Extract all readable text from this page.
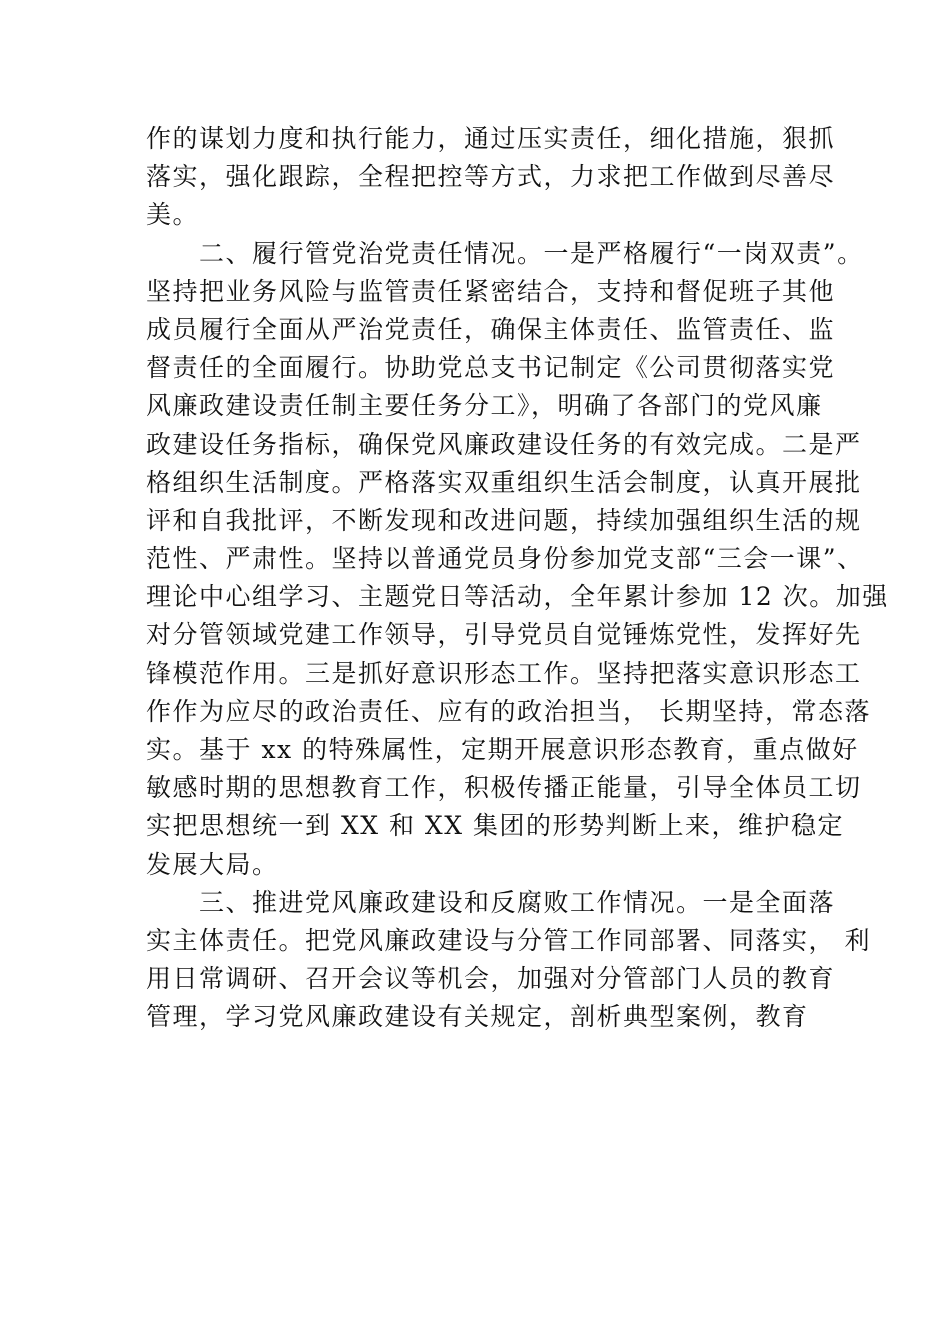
作的谋划力度和执行能力，通过压实责任，细化措施，狠抓
落实，强化跟踪，全程把控等方式，力求把工作做到尽善尽
美。
　　二、履行管党治党责任情况。一是严格履行“一岗双责”。
坚持把业务风险与监管责任紧密结合，支持和督促班子其他
成员履行全面从严治党责任，确保主体责任、监管责任、监
督责任的全面履行。协助党总支书记制定《公司贯彻落实党
风廉政建设责任制主要任务分工》，明确了各部门的党风廉
政建设任务指标，确保党风廉政建设任务的有效完成。二是严
格组织生活制度。严格落实双重组织生活会制度，认真开展批
评和自我批评，不断发现和改进问题，持续加强组织生活的规
范性、严肃性。坚持以普通党员身份参加党支部“三会一课”、
理论中心组学习、主题党日等活动，全年累计参加 12 次。加强
对分管领域党建工作领导，引导党员自觉锤炼党性，发挥好先
锋模范作用。三是抓好意识形态工作。坚持把落实意识形态工
作作为应尽的政治责任、应有的政治担当， 长期坚持，常态落
实。基于 xx 的特殊属性，定期开展意识形态教育，重点做好
敏感时期的思想教育工作，积极传播正能量，引导全体员工切
实把思想统一到 XX 和 XX 集团的形势判断上来，维护稳定
发展大局。
　　三、推进党风廉政建设和反腐败工作情况。一是全面落
实主体责任。把党风廉政建设与分管工作同部署、同落实， 利
用日常调研、召开会议等机会，加强对分管部门人员的教育
管理，学习党风廉政建设有关规定，剖析典型案例，教育
